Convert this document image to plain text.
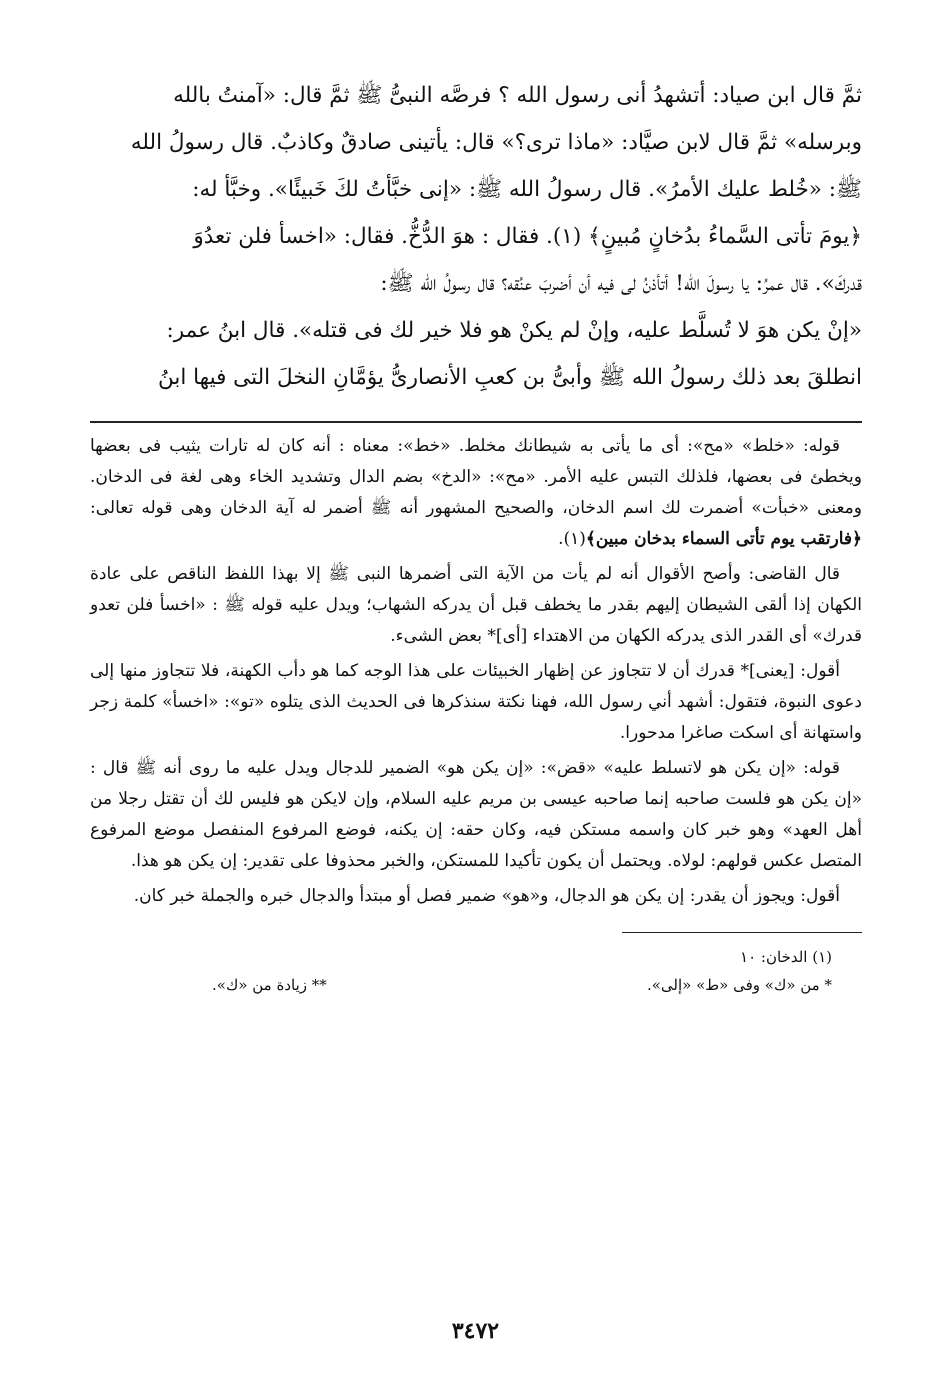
ثمَّ قال ابن صياد: أتشهدُ أنى رسول الله ؟ فرصَّه النبىُّ ﷺ ثمَّ قال: «آمنتُ بالله

وبرسله» ثمَّ قال لابن صيَّاد: «ماذا ترى؟» قال: يأتينى صادقٌ وكاذبٌ. قال رسولُ الله

ﷺ: «خُلط عليك الأمرُ». قال رسولُ الله ﷺ: «إنى خبَّأتُ لكَ خَبيئًا». وخبَّأ له:

﴿يومَ تأتى السَّماءُ بدُخانٍ مُبينٍ﴾ (١). فقال : هوَ الدُّخُّ. فقال: «اخسأ فلن تعدُوَ

قدركَ». قال عمرُ: يا رسولَ الله! أتأذنُ لى فيه أن أضربَ عنُقه؟ قال رسولُ الله ﷺ:

«إنْ يكن هوَ لا تُسلَّط عليه، وإنْ لم يكنْ هو فلا خير لك فى قتله». قال ابنُ عمر:

انطلقَ بعد ذلك رسولُ الله ﷺ وأبىُّ بن كعبِ الأنصارىُّ يؤمَّانِ النخلَ التى فيها ابنُ

قوله: «خلط» «مح»: أى ما يأتى به شيطانك مخلط. «خط»: معناه : أنه كان له تارات يثيب فى بعضها ويخطئ فى بعضها، فلذلك التبس عليه الأمر. «مح»: «الدخ» بضم الدال وتشديد الخاء وهى لغة فى الدخان. ومعنى «خبأت» أضمرت لك اسم الدخان، والصحيح المشهور أنه ﷺ أضمر له آية الدخان وهى قوله تعالى: ﴿فارتقب يوم تأتى السماء بدخان مبين﴾(١).

قال القاضى: وأصح الأقوال أنه لم يأت من الآية التى أضمرها النبى ﷺ إلا بهذا اللفظ الناقص على عادة الكهان إذا ألقى الشيطان إليهم بقدر ما يخطف قبل أن يدركه الشهاب؛ ويدل عليه قوله ﷺ : «اخسأ فلن تعدو قدرك» أى القدر الذى يدركه الكهان من الاهتداء [أى]* بعض الشىء.

أقول: [يعنى]* قدرك أن لا تتجاوز عن إظهار الخبيئات على هذا الوجه كما هو دأب الكهنة، فلا تتجاوز منها إلى دعوى النبوة، فتقول: أشهد أني رسول الله، فهنا نكتة سنذكرها فى الحديث الذى يتلوه «تو»: «اخسأ» كلمة زجر واستهانة أى اسكت صاغرا مدحورا.

قوله: «إن يكن هو لاتسلط عليه» «قض»: «إن يكن هو» الضمير للدجال ويدل عليه ما روى أنه ﷺ قال : «إن يكن هو فلست صاحبه إنما صاحبه عيسى بن مريم عليه السلام، وإن لايكن هو فليس لك أن تقتل رجلا من أهل العهد» وهو خبر كان واسمه مستكن فيه، وكان حقه: إن يكنه، فوضع المرفوع المنفصل موضع المرفوع المتصل عكس قولهم: لولاه. ويحتمل أن يكون تأكيدا للمستكن، والخبر محذوفا على تقدير: إن يكن هو هذا.

أقول: ويجوز أن يقدر: إن يكن هو الدجال، و«هو» ضمير فصل أو مبتدأ والدجال خبره والجملة خبر كان.

(١) الدخان: ١٠
* من «ك» وفى «ط» «إلى».
** زيادة من «ك».
٣٤٧٢
